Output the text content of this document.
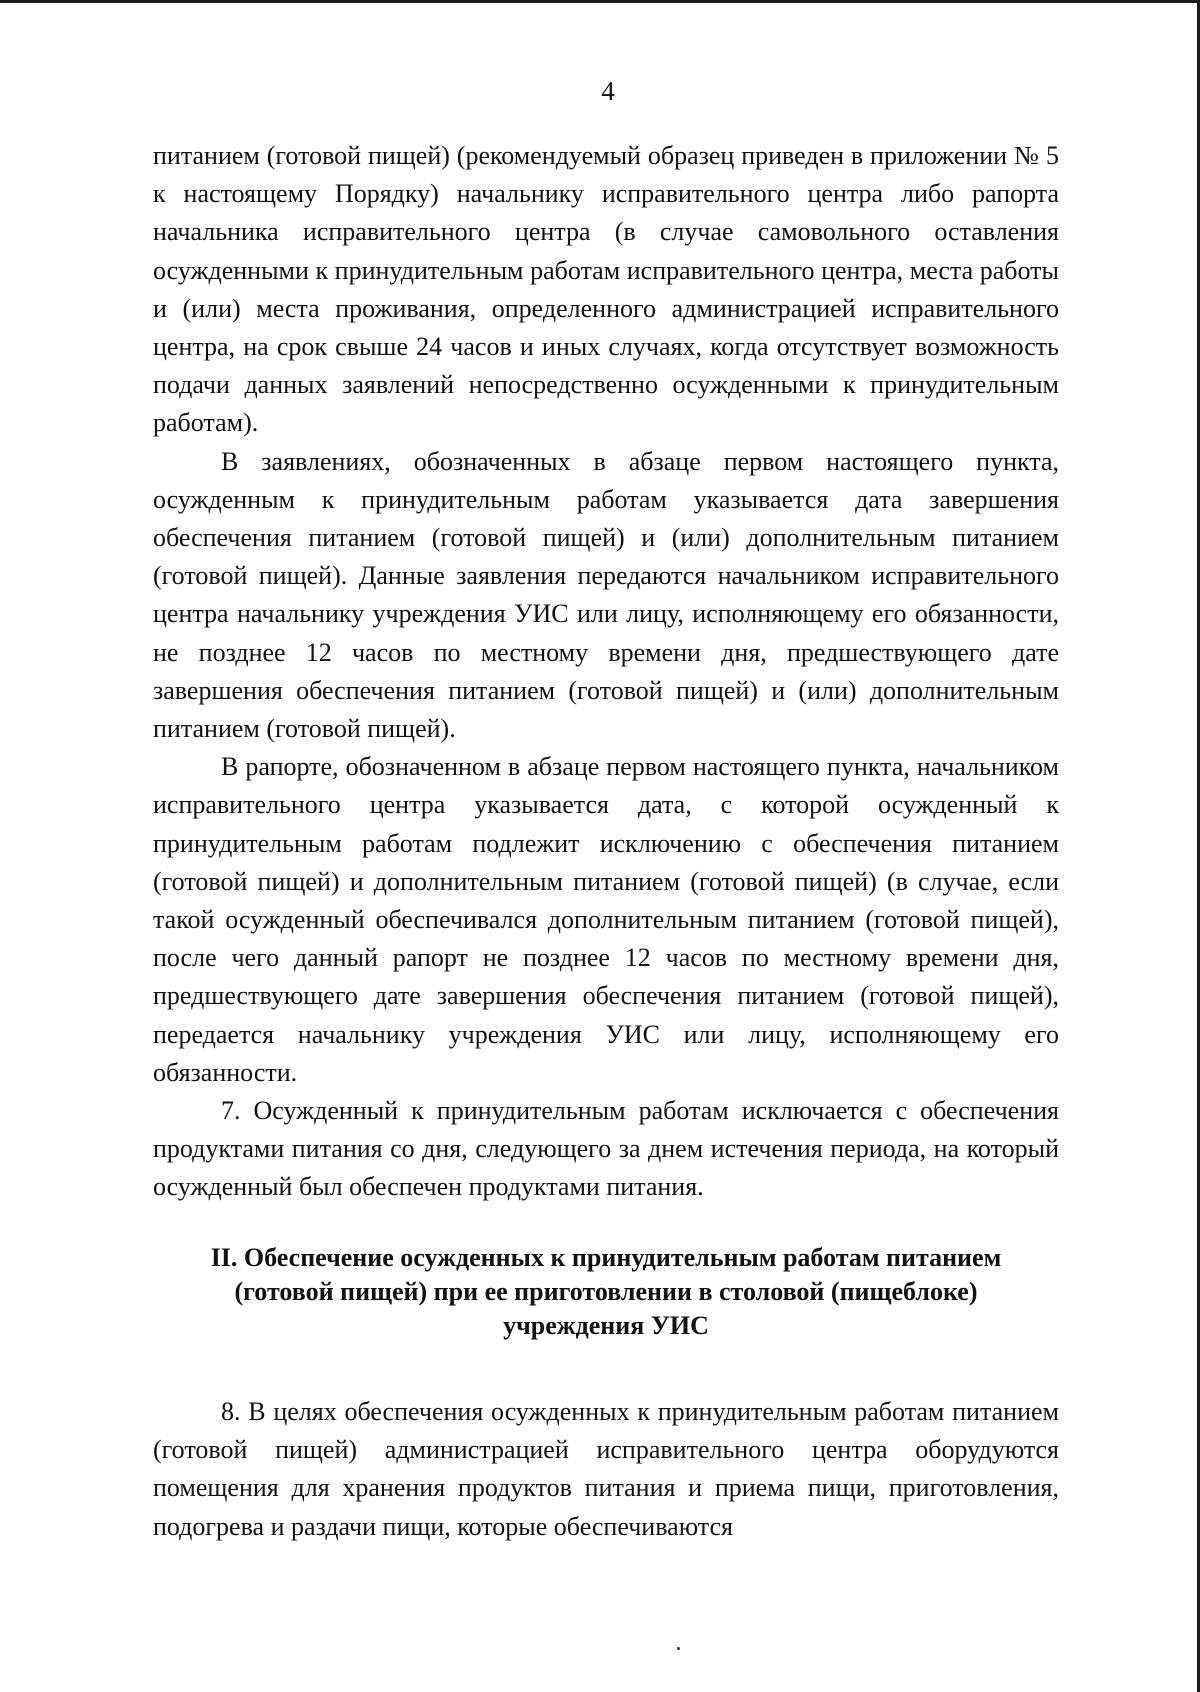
4

питанием (готовой пищей) (рекомендуемый образец приведен в приложении № 5 к настоящему Порядку) начальнику исправительного центра либо рапорта начальника исправительного центра (в случае самовольного оставления осужденными к принудительным работам исправительного центра, места работы и (или) места проживания, определенного администрацией исправительного центра, на срок свыше 24 часов и иных случаях, когда отсутствует возможность подачи данных заявлений непосредственно осужденными к принудительным работам).

В заявлениях, обозначенных в абзаце первом настоящего пункта, осужденным к принудительным работам указывается дата завершения обеспечения питанием (готовой пищей) и (или) дополнительным питанием (готовой пищей). Данные заявления передаются начальником исправительного центра начальнику учреждения УИС или лицу, исполняющему его обязанности, не позднее 12 часов по местному времени дня, предшествующего дате завершения обеспечения питанием (готовой пищей) и (или) дополнительным питанием (готовой пищей).

В рапорте, обозначенном в абзаце первом настоящего пункта, начальником исправительного центра указывается дата, с которой осужденный к принудительным работам подлежит исключению с обеспечения питанием (готовой пищей) и дополнительным питанием (готовой пищей) (в случае, если такой осужденный обеспечивался дополнительным питанием (готовой пищей), после чего данный рапорт не позднее 12 часов по местному времени дня, предшествующего дате завершения обеспечения питанием (готовой пищей), передается начальнику учреждения УИС или лицу, исполняющему его обязанности.

7. Осужденный к принудительным работам исключается с обеспечения продуктами питания со дня, следующего за днем истечения периода, на который осужденный был обеспечен продуктами питания.

II. Обеспечение осужденных к принудительным работам питанием
(готовой пищей) при ее приготовлении в столовой (пищеблоке)
учреждения УИС

8. В целях обеспечения осужденных к принудительным работам питанием (готовой пищей) администрацией исправительного центра оборудуются помещения для хранения продуктов питания и приема пищи, приготовления, подогрева и раздачи пищи, которые обеспечиваются
